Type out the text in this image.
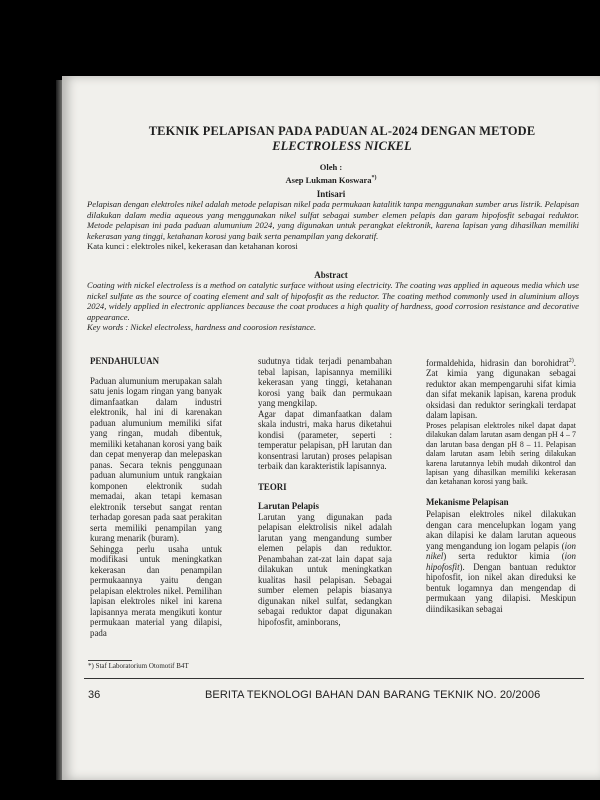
TEKNIK PELAPISAN PADA PADUAN AL-2024 DENGAN METODE
ELECTROLESS NICKEL
Oleh :
Asep Lukman Koswara*)
Intisari
Pelapisan dengan elektroles nikel adalah metode pelapisan nikel pada permukaan katalitik tanpa menggunakan sumber arus listrik. Pelapisan dilakukan dalam media aqueous yang menggunakan nikel sulfat sebagai sumber elemen pelapis dan garam hipofosfit sebagai reduktor. Metode pelapisan ini pada paduan alumunium 2024, yang digunakan untuk perangkat elektronik, karena lapisan yang dihasilkan memiliki kekerasan yang tinggi, ketahanan korosi yang baik serta penampilan yang dekoratif.
Kata kunci : elektroles nikel, kekerasan dan ketahanan korosi
Abstract
Coating with nickel electroless is a method on catalytic surface without using electricity. The coating was applied in aqueous media which use nickel sulfate as the source of coating element and salt of hipofosfit as the reductor. The coating method commonly used in aluminium alloys 2024, widely applied in electronic appliances because the coat produces a high quality of hardness, good corrosion resistance and decorative appearance.
Key words : Nickel electroless, hardness and coorosion resistance.

PENDAHULUAN

Paduan alumunium merupakan salah satu jenis logam ringan yang banyak dimanfaatkan dalam industri elektronik, hal ini di karenakan paduan alumunium memiliki sifat yang ringan, mudah dibentuk, memiliki ketahanan korosi yang baik dan cepat menyerap dan melepaskan panas. Secara teknis penggunaan paduan alumunium untuk rangkaian komponen elektronik sudah memadai, akan tetapi kemasan elektronik tersebut sangat rentan terhadap goresan pada saat perakitan serta memiliki penampilan yang kurang menarik (buram).

Sehingga perlu usaha untuk modifikasi untuk meningkatkan kekerasan dan penampilan permukaannya yaitu dengan pelapisan elektroles nikel. Pemilihan lapisan elektroles nikel ini karena lapisannya merata mengikuti kontur permukaan material yang dilapisi, pada

sudutnya tidak terjadi penambahan tebal lapisan, lapisannya memiliki kekerasan yang tinggi, ketahanan korosi yang baik dan permukaan yang mengkilap.

Agar dapat dimanfaatkan dalam skala industri, maka harus diketahui kondisi (parameter, seperti : temperatur pelapisan, pH larutan dan konsentrasi larutan) proses pelapisan terbaik dan karakteristik lapisannya.

TEORI

Larutan Pelapis

Larutan yang digunakan pada pelapisan elektrolisis nikel adalah larutan yang mengandung sumber elemen pelapis dan reduktor. Penambahan zat-zat lain dapat saja dilakukan untuk meningkatkan kualitas hasil pelapisan. Sebagai sumber elemen pelapis biasanya digunakan nikel sulfat, sedangkan sebagai reduktor dapat digunakan hipofosfit, aminborans,

formaldehida, hidrasin dan borohidrat$^{2)}$. Zat kimia yang digunakan sebagai reduktor akan mempengaruhi sifat kimia dan sifat mekanik lapisan, karena produk oksidasi dan reduktor seringkali terdapat dalam lapisan.

Proses pelapisan elektroles nikel dapat dapat dilakukan dalam larutan asam dengan pH 4 – 7 dan larutan basa dengan pH 8 – 11. Pelapisan dalam larutan asam lebih sering dilakukan karena larutannya lebih mudah dikontrol dan lapisan yang dihasilkan memiliki kekerasan dan ketahanan korosi yang baik.

Mekanisme Pelapisan

Pelapisan elektroles nikel dilakukan dengan cara mencelupkan logam yang akan dilapisi ke dalam larutan aqueous yang mengandung ion logam pelapis (ion nikel) serta reduktor kimia (ion hipofosfit). Dengan bantuan reduktor hipofosfit, ion nikel akan direduksi ke bentuk logamnya dan mengendap di permukaan yang dilapisi. Meskipun diindikasikan sebagai

*) Staf Laboratorium Otomotif B4T
36	BERITA TEKNOLOGI BAHAN DAN BARANG TEKNIK NO. 20/2006
